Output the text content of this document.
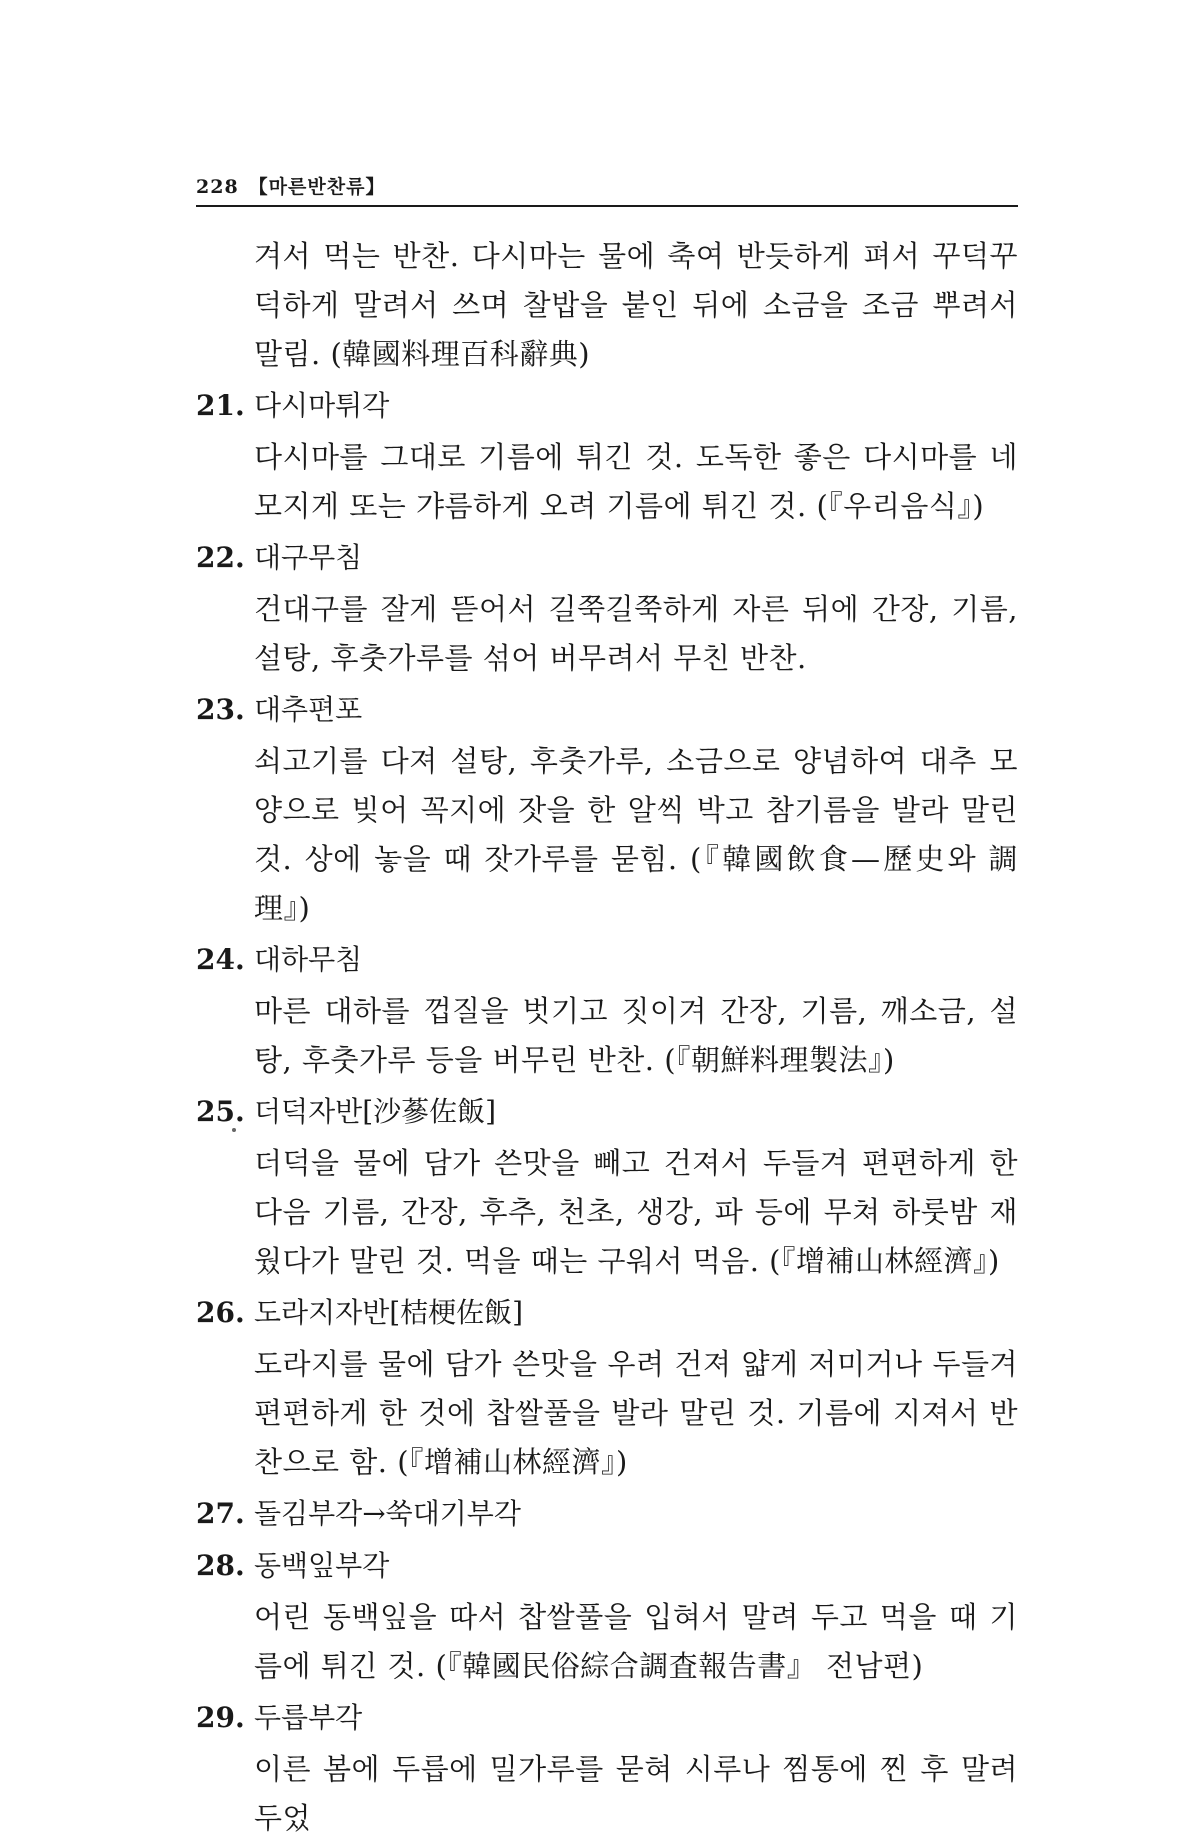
228 【마른반찬류】

겨서 먹는 반찬. 다시마는 물에 축여 반듯하게 펴서 꾸덕꾸덕하게 말려서 쓰며 찰밥을 붙인 뒤에 소금을 조금 뿌려서 말림. (韓國料理百科辭典)

21. 다시마튀각

다시마를 그대로 기름에 튀긴 것. 도독한 좋은 다시마를 네모지게 또는 갸름하게 오려 기름에 튀긴 것. (『우리음식』)

22. 대구무침

건대구를 잘게 뜯어서 길쭉길쭉하게 자른 뒤에 간장, 기름, 설탕, 후춧가루를 섞어 버무려서 무친 반찬.

23. 대추편포

쇠고기를 다져 설탕, 후춧가루, 소금으로 양념하여 대추 모양으로 빚어 꼭지에 잣을 한 알씩 박고 참기름을 발라 말린 것. 상에 놓을 때 잣가루를 묻힘. (『韓國飲食—歷史와 調理』)

24. 대하무침

마른 대하를 껍질을 벗기고 짓이겨 간장, 기름, 깨소금, 설탕, 후춧가루 등을 버무린 반찬. (『朝鮮料理製法』)

25. 더덕자반[沙蔘佐飯]

더덕을 물에 담가 쓴맛을 빼고 건져서 두들겨 편편하게 한 다음 기름, 간장, 후추, 천초, 생강, 파 등에 무쳐 하룻밤 재웠다가 말린 것. 먹을 때는 구워서 먹음. (『增補山林經濟』)

26. 도라지자반[桔梗佐飯]

도라지를 물에 담가 쓴맛을 우려 건져 얇게 저미거나 두들겨 편편하게 한 것에 찹쌀풀을 발라 말린 것. 기름에 지져서 반찬으로 함. (『增補山林經濟』)

27. 돌김부각→쑥대기부각
28. 동백잎부각

어린 동백잎을 따서 찹쌀풀을 입혀서 말려 두고 먹을 때 기름에 튀긴 것. (『韓國民俗綜合調査報告書』 전남편)

29. 두릅부각

이른 봄에 두릅에 밀가루를 묻혀 시루나 찜통에 찐 후 말려 두었
